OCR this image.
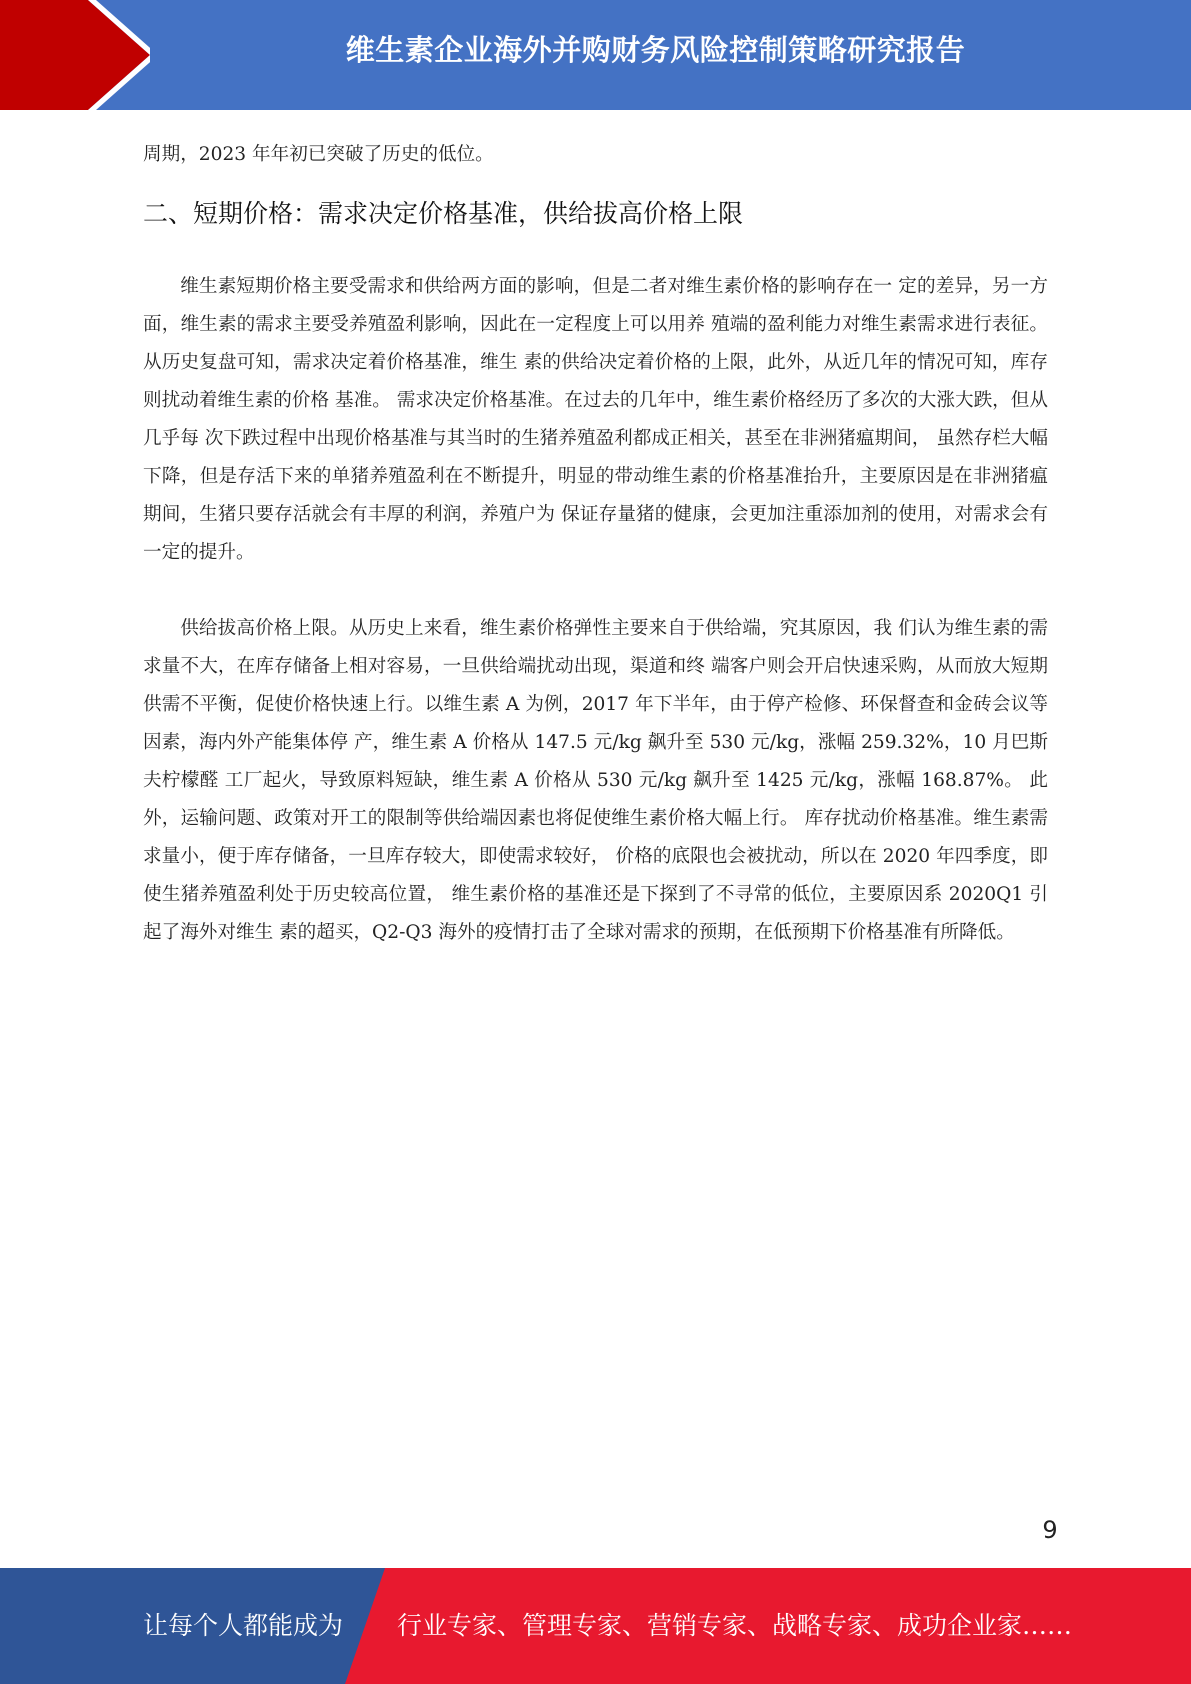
维生素企业海外并购财务风险控制策略研究报告

周期，2023 年年初已突破了历史的低位。

二、短期价格：需求决定价格基准，供给拔高价格上限

维生素短期价格主要受需求和供给两方面的影响，但是二者对维生素价格的影响存在一 定的差异，另一方面，维生素的需求主要受养殖盈利影响，因此在一定程度上可以用养 殖端的盈利能力对维生素需求进行表征。从历史复盘可知，需求决定着价格基准，维生 素的供给决定着价格的上限，此外，从近几年的情况可知，库存则扰动着维生素的价格 基准。 需求决定价格基准。在过去的几年中，维生素价格经历了多次的大涨大跌，但从几乎每 次下跌过程中出现价格基准与其当时的生猪养殖盈利都成正相关，甚至在非洲猪瘟期间， 虽然存栏大幅下降，但是存活下来的单猪养殖盈利在不断提升，明显的带动维生素的价格基准抬升，主要原因是在非洲猪瘟期间，生猪只要存活就会有丰厚的利润，养殖户为 保证存量猪的健康，会更加注重添加剂的使用，对需求会有一定的提升。

供给拔高价格上限。从历史上来看，维生素价格弹性主要来自于供给端，究其原因，我 们认为维生素的需求量不大，在库存储备上相对容易，一旦供给端扰动出现，渠道和终 端客户则会开启快速采购，从而放大短期供需不平衡，促使价格快速上行。以维生素 A 为例，2017 年下半年，由于停产检修、环保督查和金砖会议等因素，海内外产能集体停 产，维生素 A 价格从 147.5 元/kg 飙升至 530 元/kg，涨幅 259.32%，10 月巴斯夫柠檬醛 工厂起火，导致原料短缺，维生素 A 价格从 530 元/kg 飙升至 1425 元/kg，涨幅 168.87%。 此外，运输问题、政策对开工的限制等供给端因素也将促使维生素价格大幅上行。 库存扰动价格基准。维生素需求量小，便于库存储备，一旦库存较大，即使需求较好， 价格的底限也会被扰动，所以在 2020 年四季度，即使生猪养殖盈利处于历史较高位置， 维生素价格的基准还是下探到了不寻常的低位，主要原因系 2020Q1 引起了海外对维生 素的超买，Q2-Q3 海外的疫情打击了全球对需求的预期，在低预期下价格基准有所降低。

9
让每个人都能成为 行业专家、管理专家、营销专家、战略专家、成功企业家……
